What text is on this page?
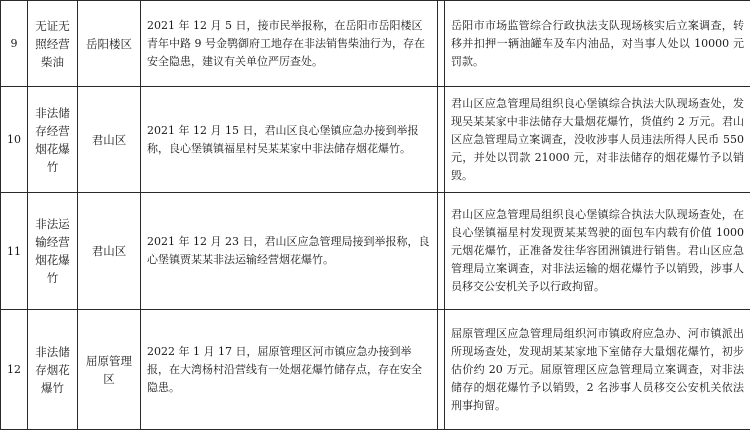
9	无证无照经营柴油	岳阳楼区	2021 年 12 月 5 日，接市民举报称，在岳阳市岳阳楼区青年中路 9 号金鹗御府工地存在非法销售柴油行为，存在安全隐患，建议有关单位严厉查处。		岳阳市市场监管综合行政执法支队现场核实后立案调查，转移并扣押一辆油罐车及车内油品，对当事人处以 10000 元罚款。
10	非法储存经营烟花爆竹	君山区	2021 年 12 月 15 日，君山区良心堡镇应急办接到举报称，良心堡镇镇福星村吴某某家中非法储存烟花爆竹。		君山区应急管理局组织良心堡镇综合执法大队现场查处，发现吴某某家中非法储存大量烟花爆竹，货值约 2 万元。君山区应急管理局立案调查，没收涉事人员违法所得人民币 550 元，并处以罚款 21000 元，对非法储存的烟花爆竹予以销毁。
11	非法运输经营烟花爆竹	君山区	2021 年 12 月 23 日，君山区应急管理局接到举报称，良心堡镇贾某某非法运输经营烟花爆竹。		君山区应急管理局组织良心堡镇综合执法大队现场查处，在良心堡镇福星村发现贾某某驾驶的面包车内载有价值 1000 元烟花爆竹，正准备发往华容团洲镇进行销售。君山区应急管理局立案调查，对非法运输的烟花爆竹予以销毁，涉事人员移交公安机关予以行政拘留。
12	非法储存烟花爆竹	屈原管理区	2022 年 1 月 17 日，屈原管理区河市镇应急办接到举报，在大湾杨村沿营线有一处烟花爆竹储存点，存在安全隐患。		屈原管理区应急管理局组织河市镇政府应急办、河市镇派出所现场查处，发现胡某某家地下室储存大量烟花爆竹，初步估价约 20 万元。屈原管理区应急管理局立案调查，对非法储存的烟花爆竹予以销毁，2 名涉事人员移交公安机关依法刑事拘留。
